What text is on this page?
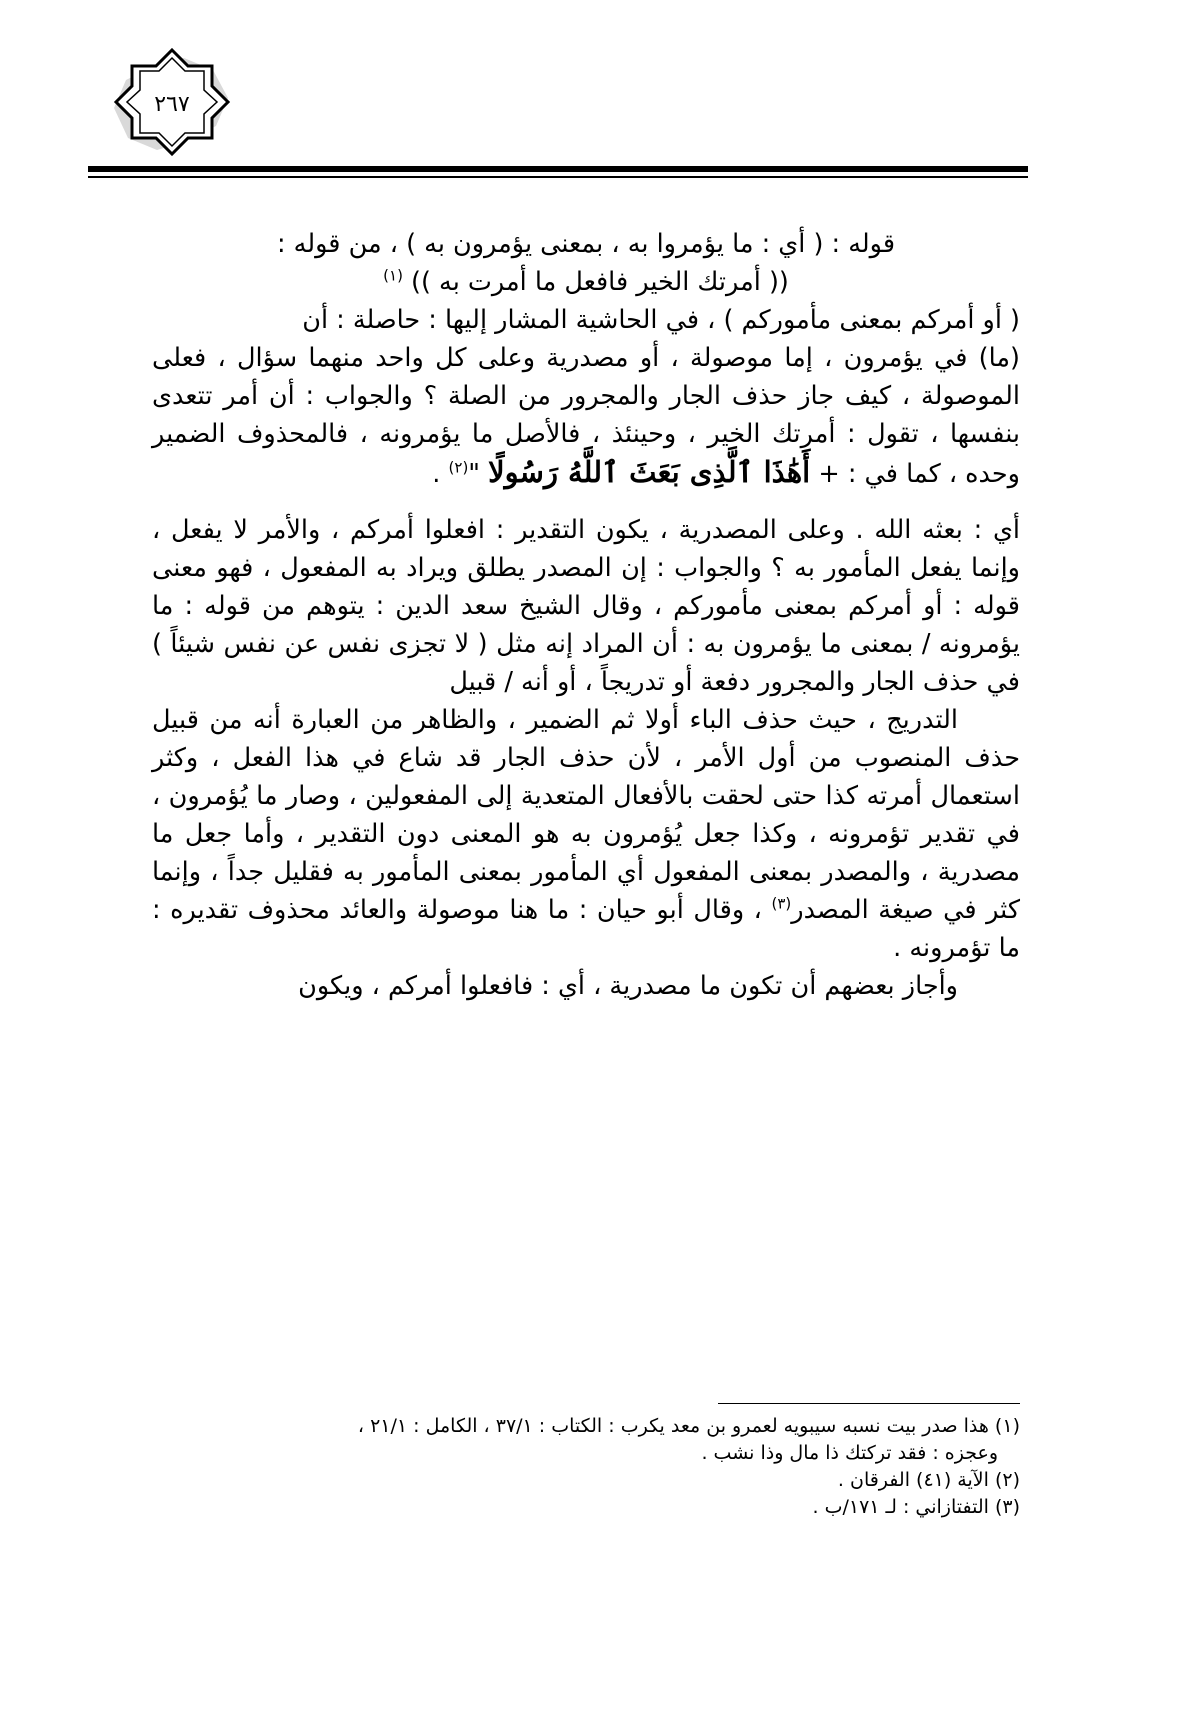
٢٦٧

قوله : ( أي : ما يؤمروا به ، بمعنى يؤمرون به ) ، من قوله :

(( أمرتك الخير فافعل ما أمرت به )) $^{(١)}$

( أو أمركم بمعنى مأموركم ) ، في الحاشية المشار إليها : حاصلة : أن

(ما) في يؤمرون ، إما موصولة ، أو مصدرية وعلى كل واحد منهما سؤال ، فعلى الموصولة ، كيف جاز حذف الجار والمجرور من الصلة ؟ والجواب : أن أمر تتعدى بنفسها ، تقول : أمرتك الخير ، وحينئذ ، فالأصل ما يؤمرونه ، فالمحذوف الضمير وحده ، كما في : + أَهَٰذَا ٱلَّذِى بَعَثَ ٱللَّهُ رَسُولًا "$^{(٢)}$ .

أي : بعثه الله . وعلى المصدرية ، يكون التقدير : افعلوا أمركم ، والأمر لا يفعل ، وإنما يفعل المأمور به ؟ والجواب : إن المصدر يطلق ويراد به المفعول ، فهو معنى قوله : أو أمركم بمعنى مأموركم ، وقال الشيخ سعد الدين : يتوهم من قوله : ما يؤمرونه / بمعنى ما يؤمرون به : أن المراد إنه مثل ( لا تجزى نفس عن نفس شيئاً ) في حذف الجار والمجرور دفعة أو تدريجاً ، أو أنه / قبيل

التدريج ، حيث حذف الباء أولا ثم الضمير ، والظاهر من العبارة أنه من قبيل حذف المنصوب من أول الأمر ، لأن حذف الجار قد شاع في هذا الفعل ، وكثر استعمال أمرته كذا حتى لحقت بالأفعال المتعدية إلى المفعولين ، وصار ما يُؤمرون ، في تقدير تؤمرونه ، وكذا جعل يُؤمرون به هو المعنى دون التقدير ، وأما جعل ما مصدرية ، والمصدر بمعنى المفعول أي المأمور بمعنى المأمور به فقليل جداً ، وإنما كثر في صيغة المصدر$^{(٣)}$ ، وقال أبو حيان : ما هنا موصولة والعائد محذوف تقديره : ما تؤمرونه .

وأجاز بعضهم أن تكون ما مصدرية ، أي : فافعلوا أمركم ، ويكون

(١) هذا صدر بيت نسبه سيبويه لعمرو بن معد يكرب : الكتاب : ٣٧/١ ، الكامل : ٢١/١ ،

وعجزه : فقد تركتك ذا مال وذا نشب .

(٢) الآية (٤١) الفرقان .

(٣) التفتازاني : لـ ١٧١/ب .
